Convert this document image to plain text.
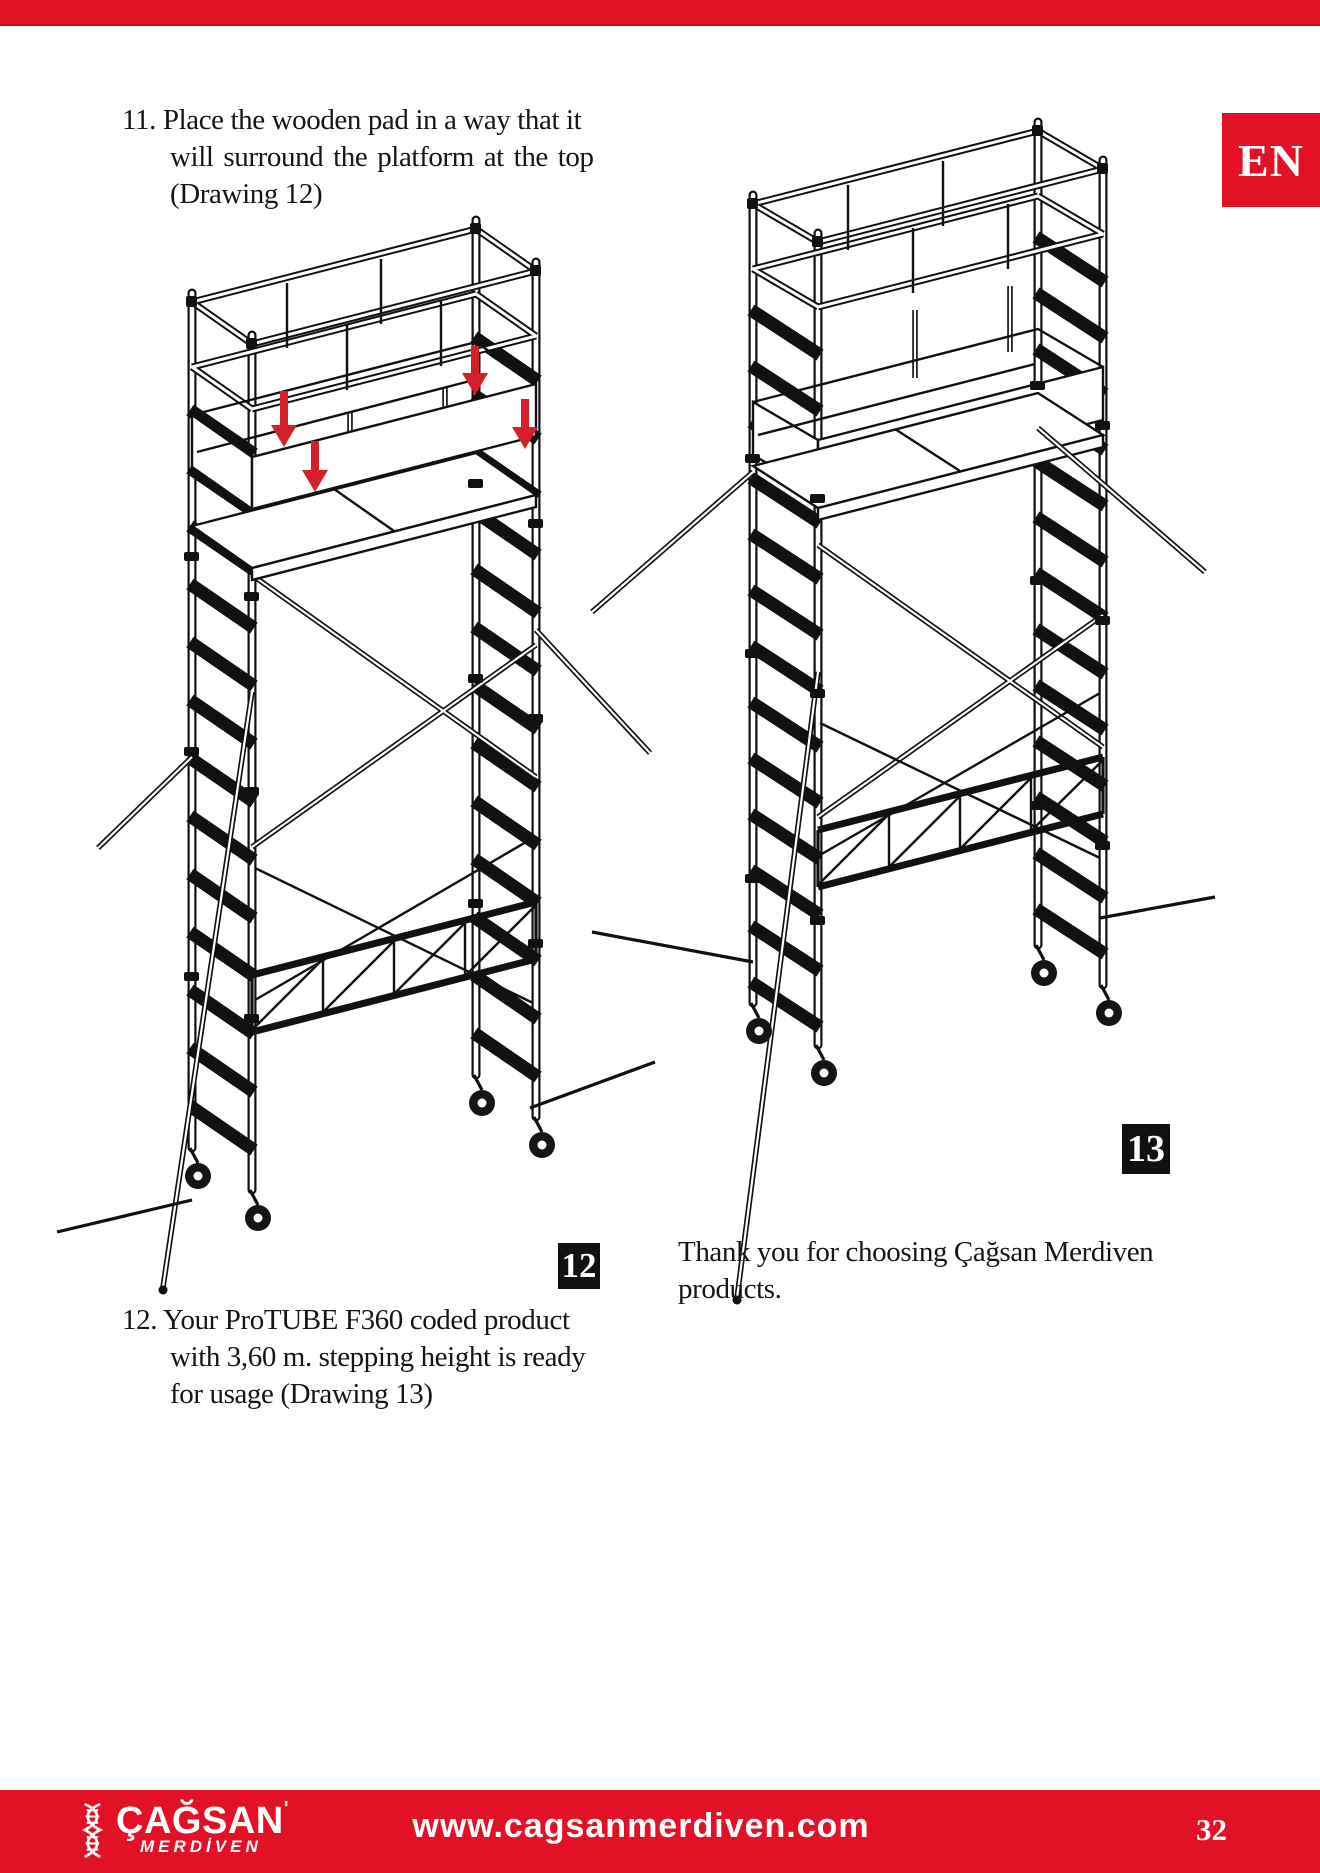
EN
11. Place the wooden pad in a way that it
will surround the platform at the top
(Drawing 12)
12
13
Thank you for choosing Çağsan Merdiven
products.
12. Your ProTUBE F360 coded product
with 3,60 m. stepping height is ready
for usage (Drawing 13)
ÇAĞSAN'
MERDİVEN
www.cagsanmerdiven.com	32
